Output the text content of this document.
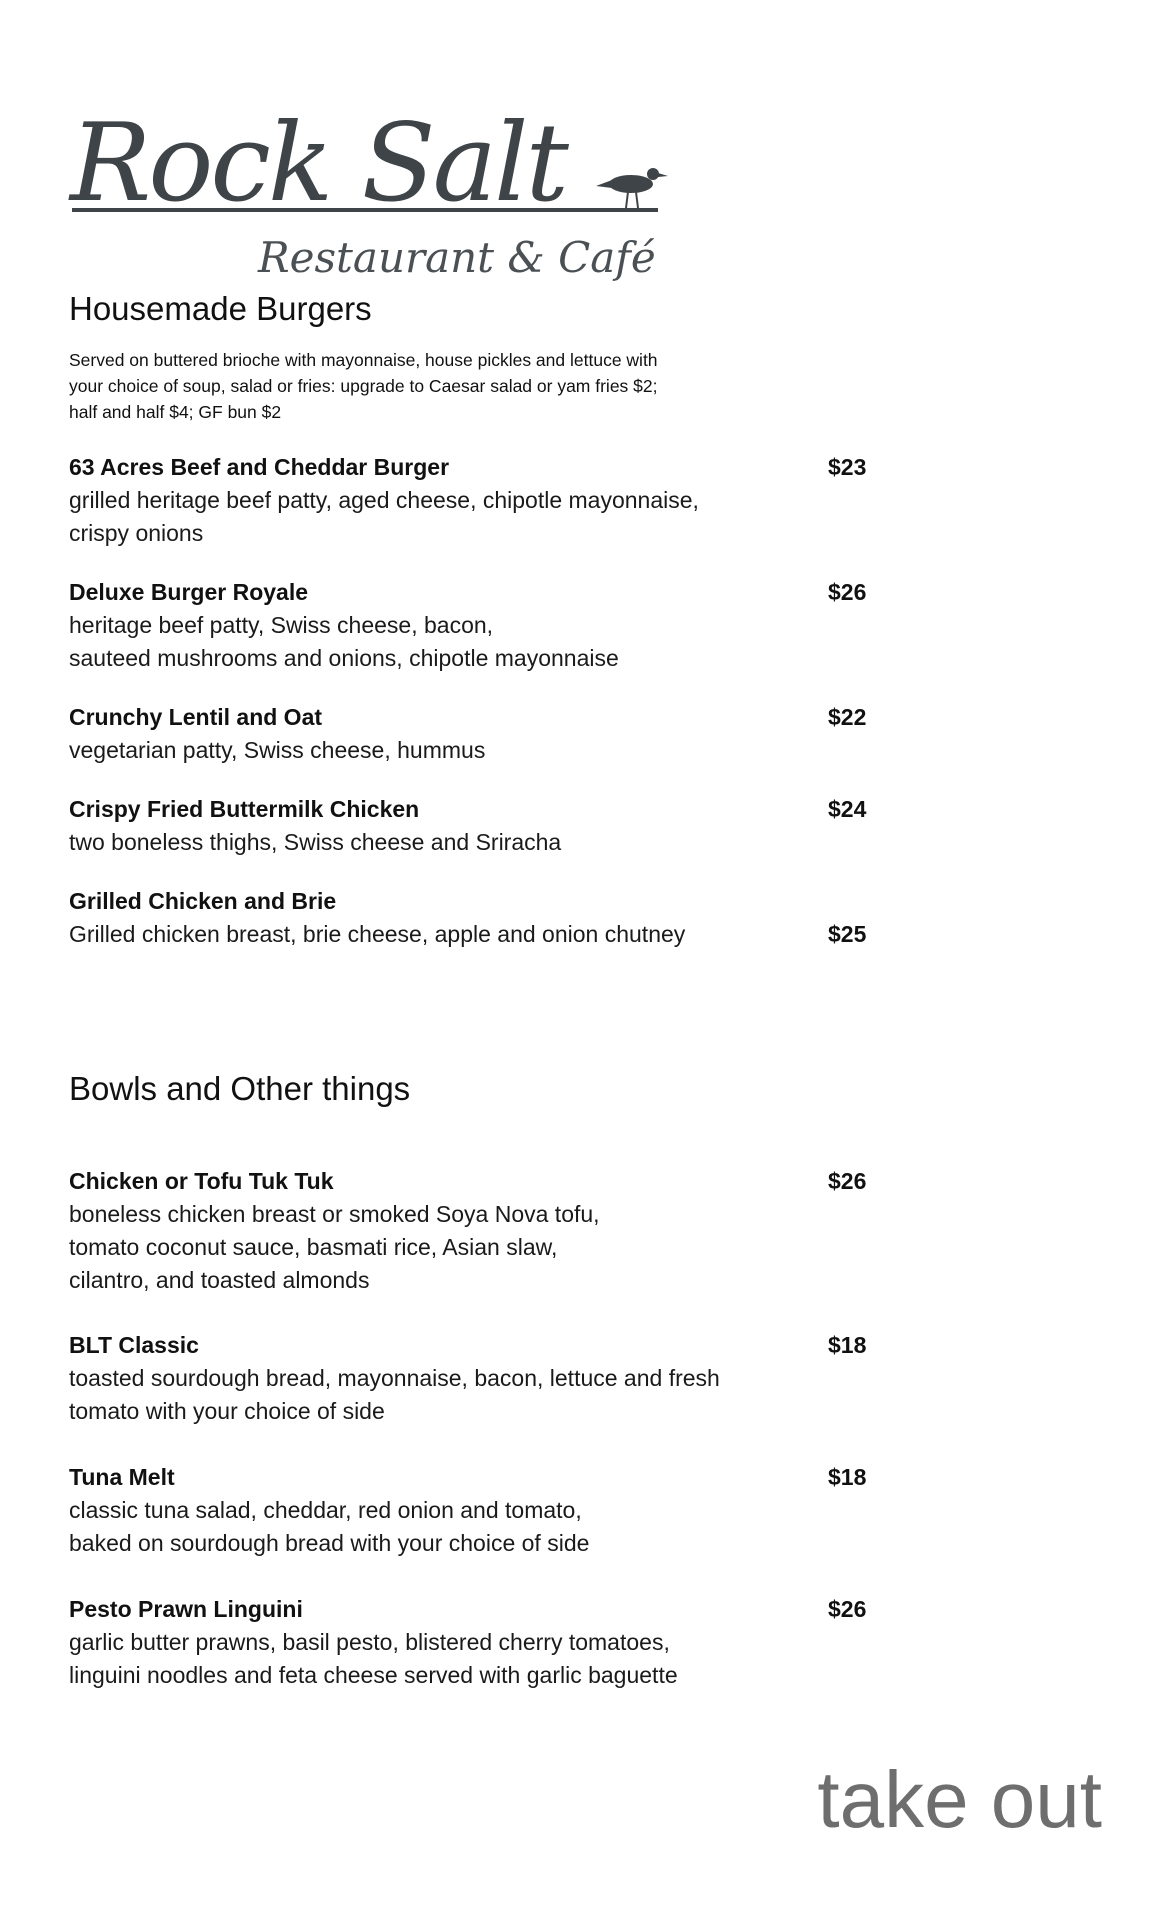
Rock Salt
Restaurant & Café
Housemade Burgers

Served on buttered brioche with mayonnaise, house pickles and lettuce with your choice of soup, salad or fries: upgrade to Caesar salad or yam fries $2; half and half $4; GF bun $2

63 Acres Beef and Cheddar Burger
grilled heritage beef patty, aged cheese, chipotle mayonnaise,
crispy onions
$23
Deluxe Burger Royale
heritage beef patty, Swiss cheese, bacon,
sauteed mushrooms and onions, chipotle mayonnaise
$26
Crunchy Lentil and Oat
vegetarian patty, Swiss cheese, hummus
$22
Crispy Fried Buttermilk Chicken
two boneless thighs, Swiss cheese and Sriracha
$24
Grilled Chicken and Brie
Grilled chicken breast, brie cheese, apple and onion chutney	$25
Bowls and Other things
Chicken or Tofu Tuk Tuk
boneless chicken breast or smoked Soya Nova tofu,
tomato coconut sauce, basmati rice, Asian slaw,
cilantro, and toasted almonds
$26
BLT Classic
toasted sourdough bread, mayonnaise, bacon, lettuce and fresh
tomato with your choice of side
$18
Tuna Melt
classic tuna salad, cheddar, red onion and tomato,
baked on sourdough bread with your choice of side
$18
Pesto Prawn Linguini
garlic butter prawns, basil pesto, blistered cherry tomatoes,
linguini noodles and feta cheese served with garlic baguette
$26
take out
